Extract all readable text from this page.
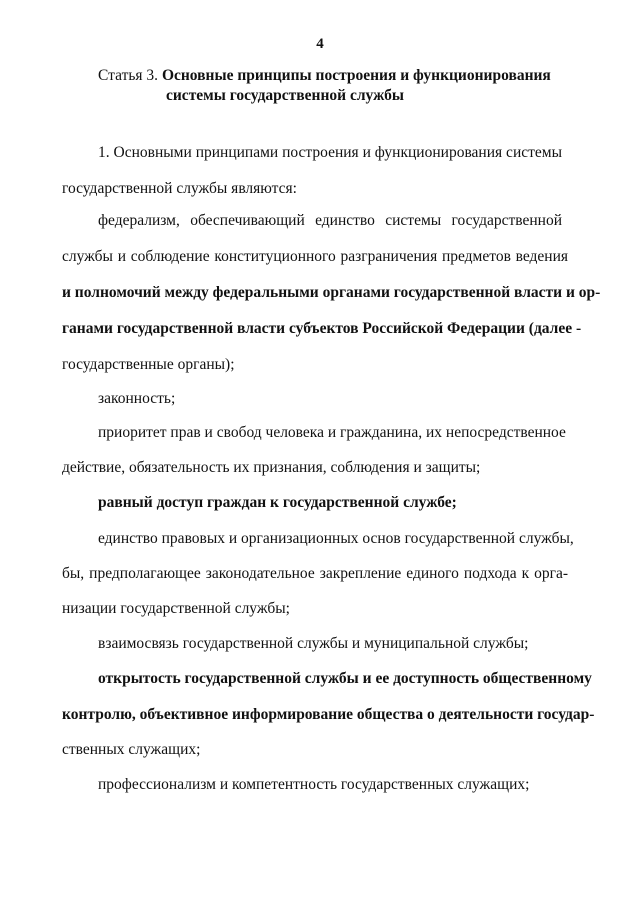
4
Статья 3. Основные принципы построения и функционирования
системы государственной службы
1. Основными принципами построения и функционирования системы
государственной службы являются:
федерализм, обеспечивающий единство системы государственной
службы и соблюдение конституционного разграничения предметов ведения
и полномочий между федеральными органами государственной власти и ор-
ганами государственной власти субъектов Российской Федерации (далее -
государственные органы);
законность;
приоритет прав и свобод человека и гражданина, их непосредственное
действие, обязательность их признания, соблюдения и защиты;
равный доступ граждан к государственной службе;
единство правовых и организационных основ государственной службы,
бы, предполагающее законодательное закрепление единого подхода к орга-
низации государственной службы;
взаимосвязь государственной службы и муниципальной службы;
открытость государственной службы и ее доступность общественному
контролю, объективное информирование общества о деятельности государ-
ственных служащих;
профессионализм и компетентность государственных служащих;
